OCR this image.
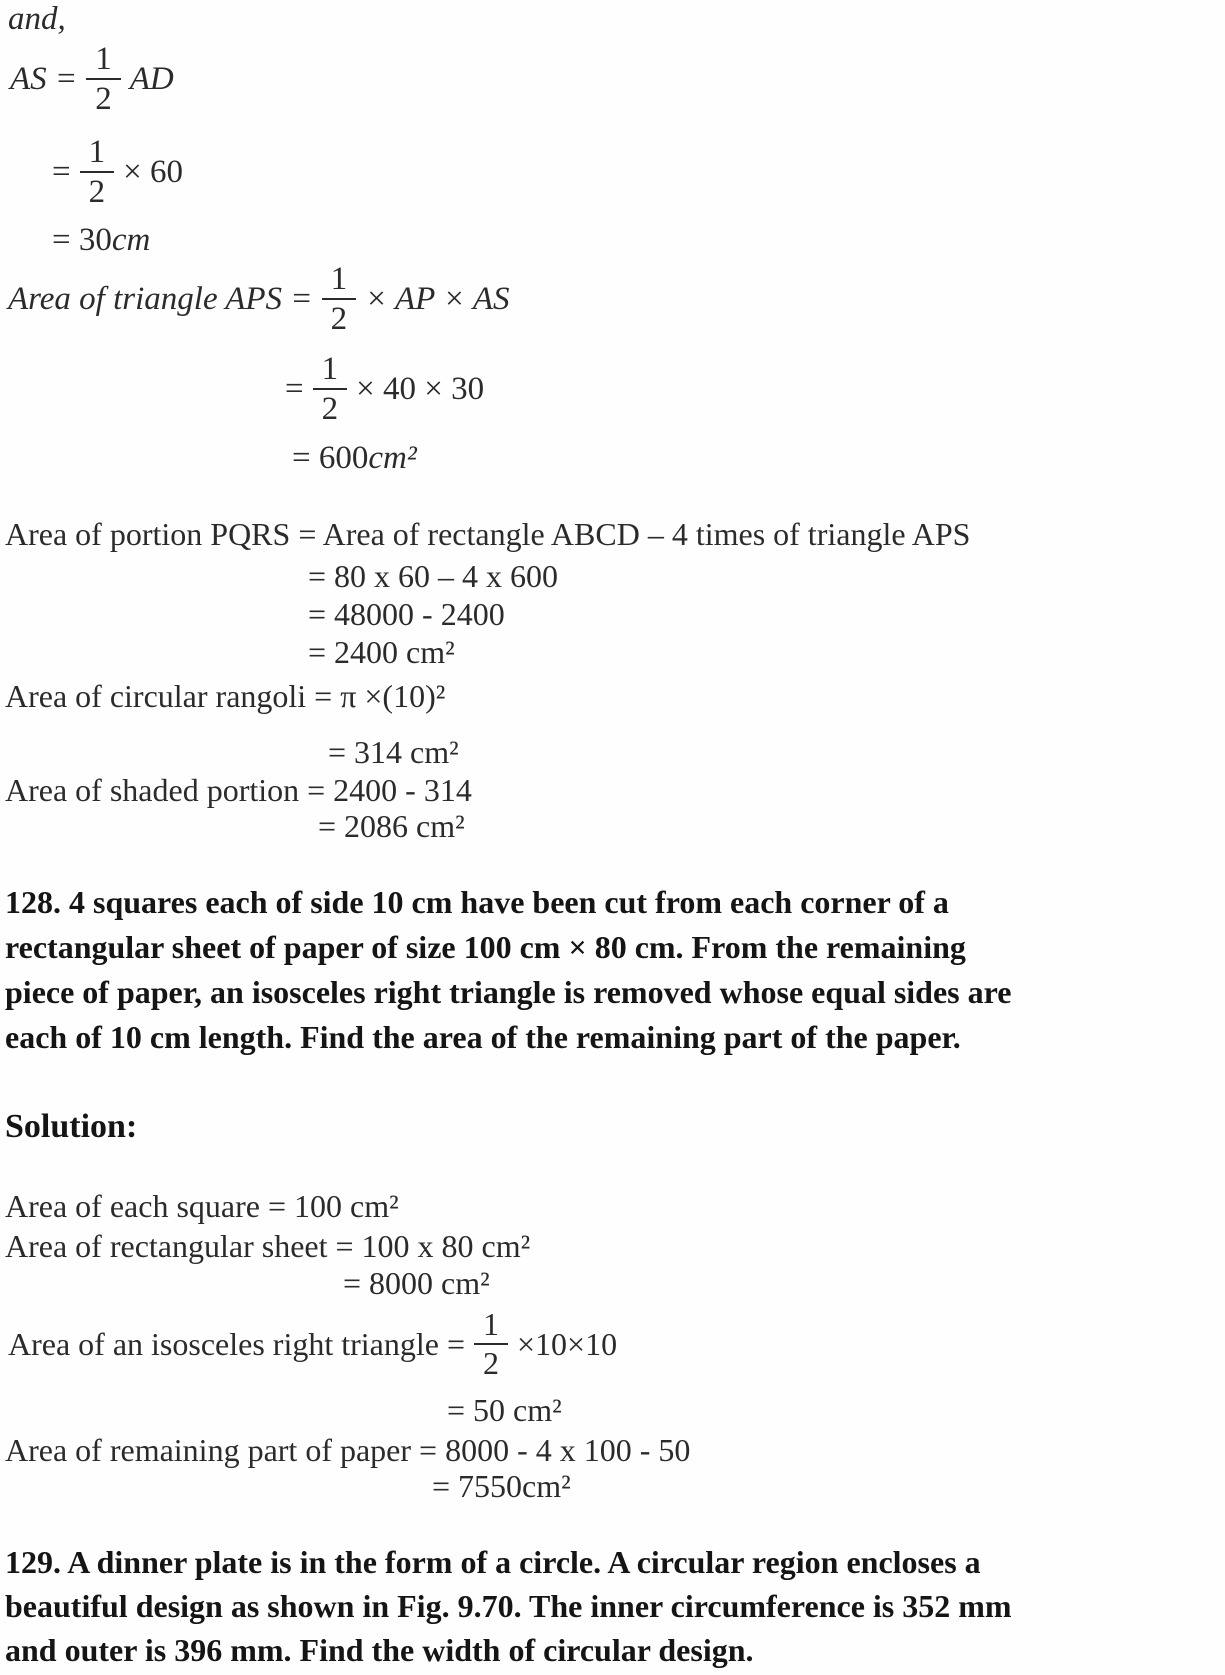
and,
AS = $\frac{1}{2}$ AD
= $\frac{1}{2} \times 60$
= 30cm
Area of triangle APS = $\frac{1}{2}$ × AP × AS
= $\frac{1}{2} \times 40 \times 30$
= 600cm²
Area of portion PQRS = Area of rectangle ABCD – 4 times of triangle APS
= 80 x 60 – 4 x 600
= 48000 - 2400
= 2400 cm²
Area of circular rangoli = π ×(10)²
= 314 cm²
Area of shaded portion = 2400 - 314
= 2086 cm²
128. 4 squares each of side 10 cm have been cut from each corner of a
rectangular sheet of paper of size 100 cm × 80 cm. From the remaining
piece of paper, an isosceles right triangle is removed whose equal sides are
each of 10 cm length. Find the area of the remaining part of the paper.
Solution:
Area of each square = 100 cm²
Area of rectangular sheet = 100 x 80 cm²
= 8000 cm²
Area of an isosceles right triangle = $\frac{1}{2} \times 10\times 10$
= 50 cm²
Area of remaining part of paper = 8000 - 4 x 100 - 50
= 7550cm²
129. A dinner plate is in the form of a circle. A circular region encloses a
beautiful design as shown in Fig. 9.70. The inner circumference is 352 mm
and outer is 396 mm. Find the width of circular design.
